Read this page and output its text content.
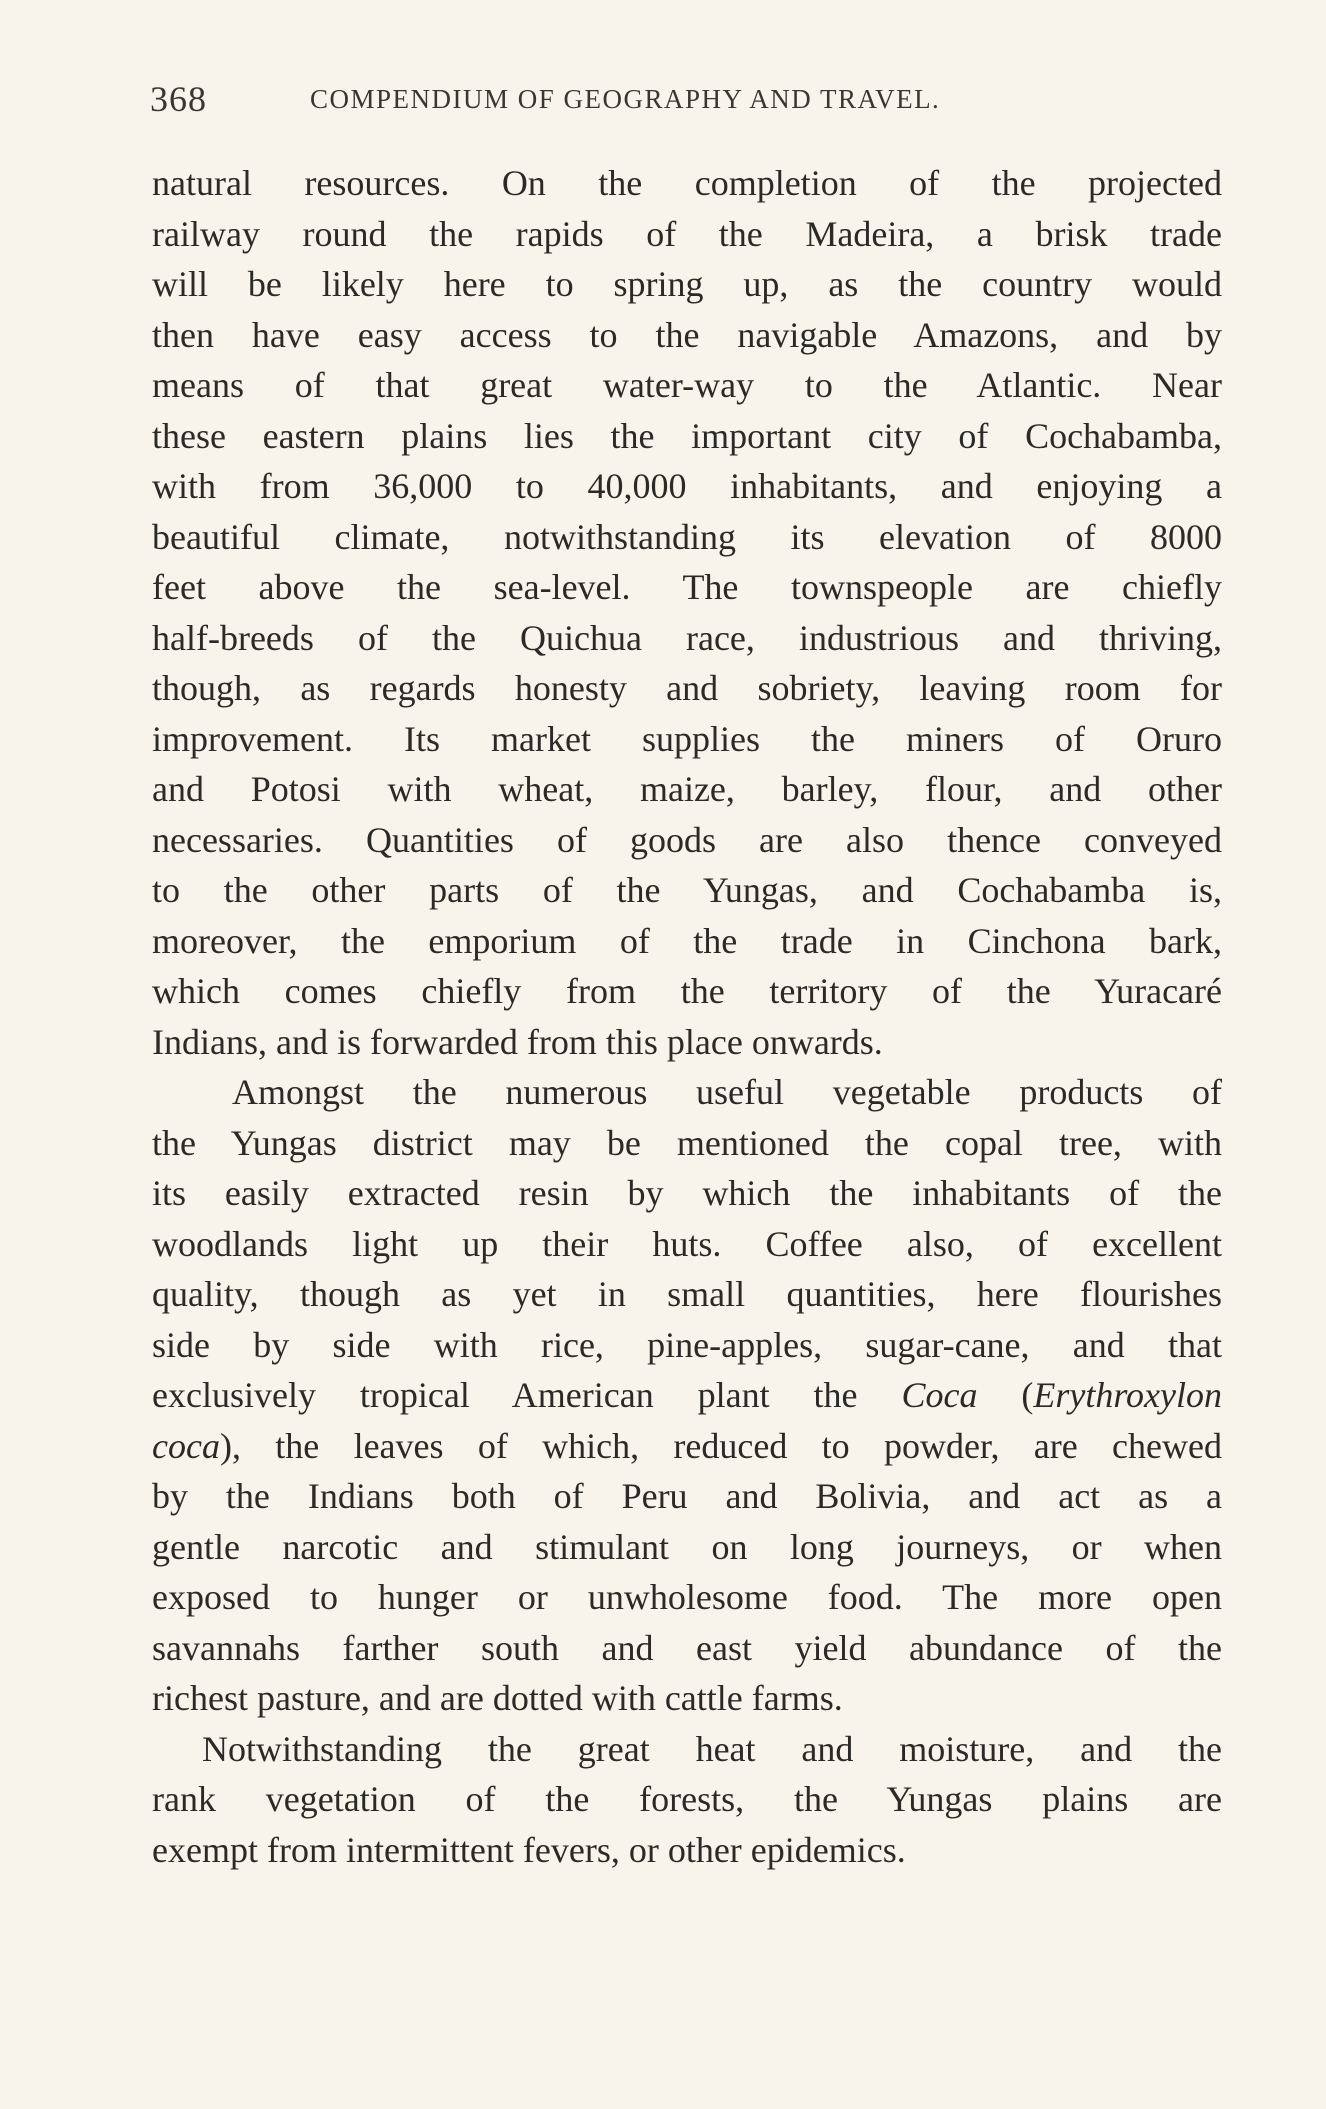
368	COMPENDIUM OF GEOGRAPHY AND TRAVEL.
natural resources. On the completion of the projected
railway round the rapids of the Madeira, a brisk trade
will be likely here to spring up, as the country would
then have easy access to the navigable Amazons, and by
means of that great water-way to the Atlantic. Near
these eastern plains lies the important city of Cochabamba,
with from 36,000 to 40,000 inhabitants, and enjoying a
beautiful climate, notwithstanding its elevation of 8000
feet above the sea-level. The townspeople are chiefly
half-breeds of the Quichua race, industrious and thriving,
though, as regards honesty and sobriety, leaving room for
improvement. Its market supplies the miners of Oruro
and Potosi with wheat, maize, barley, flour, and other
necessaries. Quantities of goods are also thence conveyed
to the other parts of the Yungas, and Cochabamba is,
moreover, the emporium of the trade in Cinchona bark,
which comes chiefly from the territory of the Yuracaré
Indians, and is forwarded from this place onwards.
Amongst the numerous useful vegetable products of
the Yungas district may be mentioned the copal tree, with
its easily extracted resin by which the inhabitants of the
woodlands light up their huts. Coffee also, of excellent
quality, though as yet in small quantities, here flourishes
side by side with rice, pine-apples, sugar-cane, and that
exclusively tropical American plant the Coca (Erythroxylon
coca), the leaves of which, reduced to powder, are chewed
by the Indians both of Peru and Bolivia, and act as a
gentle narcotic and stimulant on long journeys, or when
exposed to hunger or unwholesome food. The more open
savannahs farther south and east yield abundance of the
richest pasture, and are dotted with cattle farms.
Notwithstanding the great heat and moisture, and the
rank vegetation of the forests, the Yungas plains are
exempt from intermittent fevers, or other epidemics.
